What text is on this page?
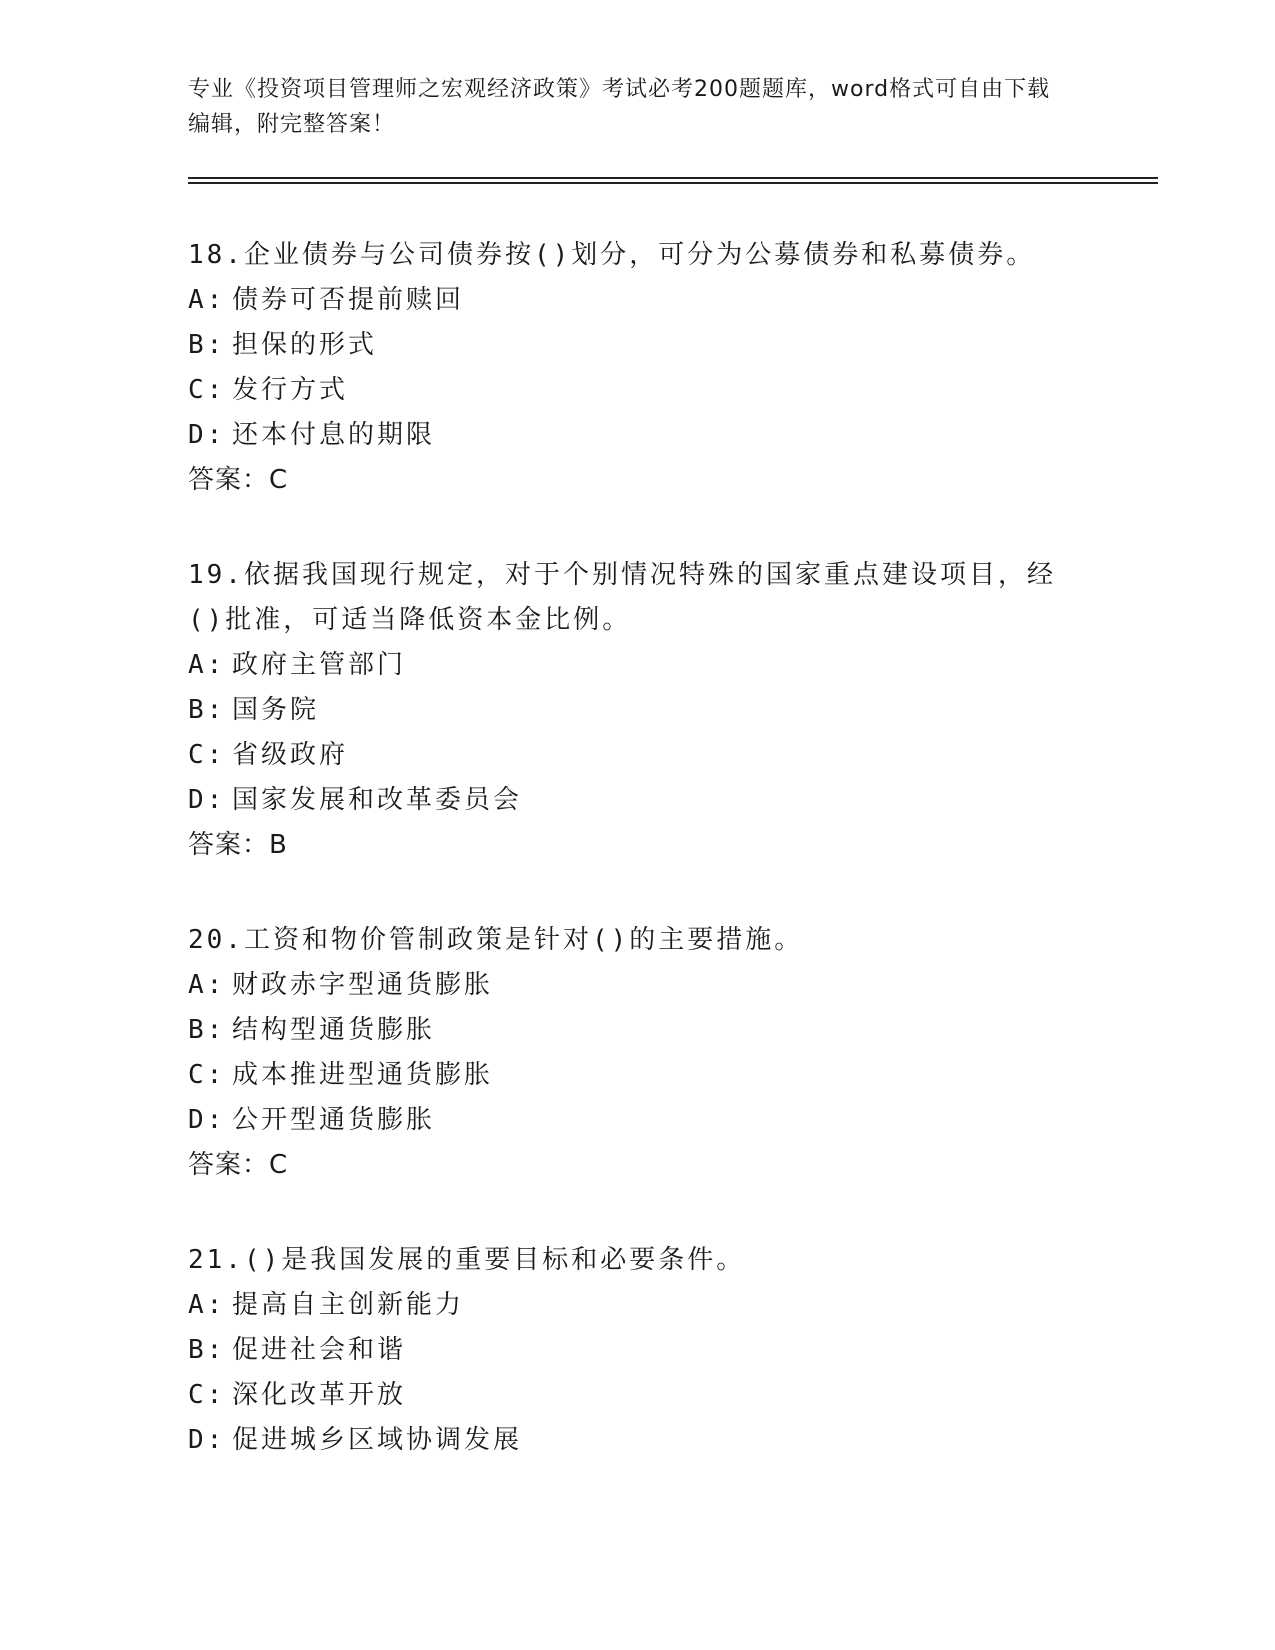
专业《投资项目管理师之宏观经济政策》考试必考200题题库，word格式可自由下载编辑，附完整答案！

18.企业债券与公司债券按()划分，可分为公募债券和私募债券。

A: 债券可否提前赎回

B: 担保的形式

C: 发行方式

D: 还本付息的期限

答案：C

19.依据我国现行规定，对于个别情况特殊的国家重点建设项目，经()批准，可适当降低资本金比例。

A: 政府主管部门

B: 国务院

C: 省级政府

D: 国家发展和改革委员会

答案：B

20.工资和物价管制政策是针对()的主要措施。

A: 财政赤字型通货膨胀

B: 结构型通货膨胀

C: 成本推进型通货膨胀

D: 公开型通货膨胀

答案：C

21.()是我国发展的重要目标和必要条件。

A: 提高自主创新能力

B: 促进社会和谐

C: 深化改革开放

D: 促进城乡区域协调发展
